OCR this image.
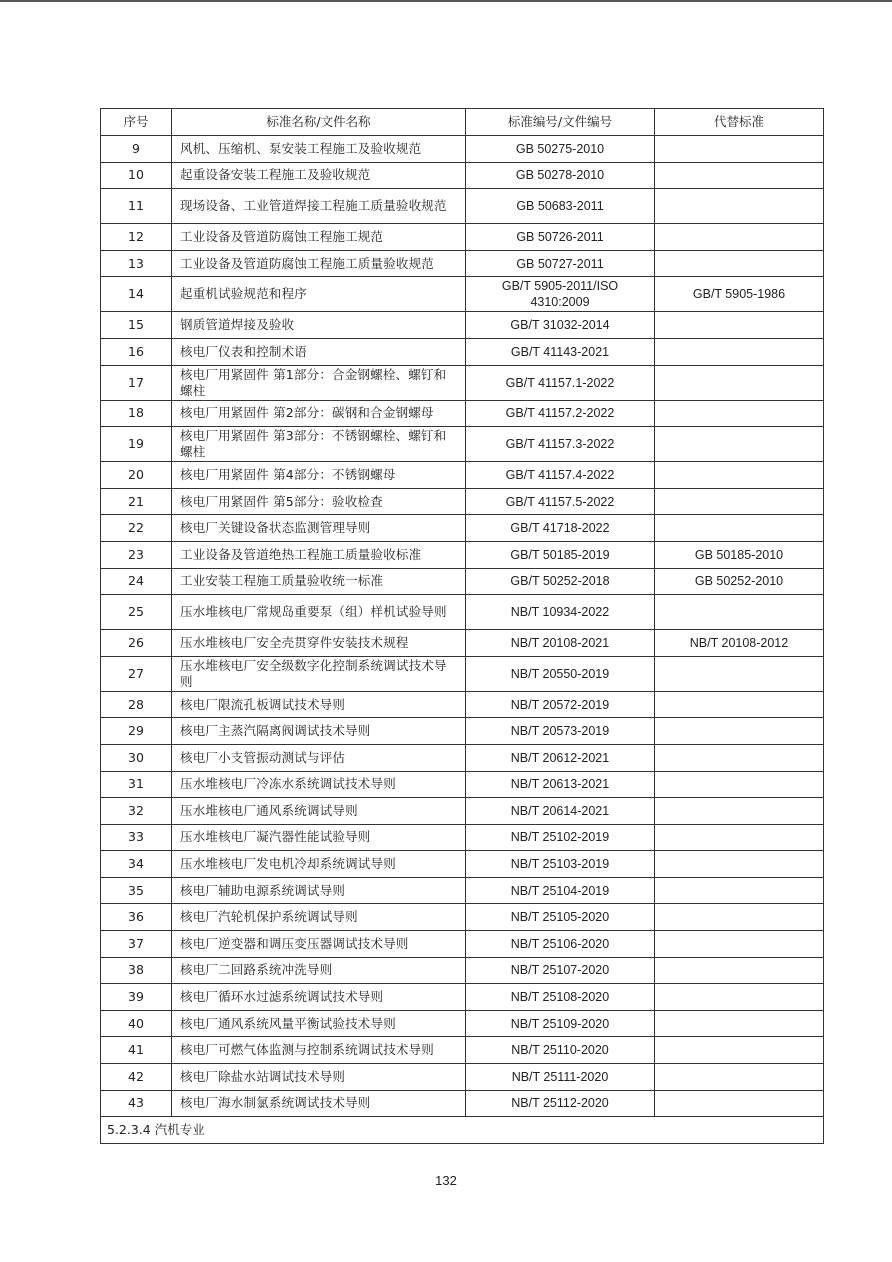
序号	标准名称/文件名称	标准编号/文件编号	代替标准
9	风机、压缩机、泵安装工程施工及验收规范	GB 50275-2010	
10	起重设备安装工程施工及验收规范	GB 50278-2010	
11	现场设备、工业管道焊接工程施工质量验收规范	GB 50683-2011	
12	工业设备及管道防腐蚀工程施工规范	GB 50726-2011	
13	工业设备及管道防腐蚀工程施工质量验收规范	GB 50727-2011	
14	起重机试验规范和程序	GB/T 5905-2011/ISO 4310:2009	GB/T 5905-1986
15	钢质管道焊接及验收	GB/T 31032-2014	
16	核电厂仪表和控制术语	GB/T 41143-2021	
17	核电厂用紧固件 第1部分：合金钢螺栓、螺钉和螺柱	GB/T 41157.1-2022	
18	核电厂用紧固件 第2部分：碳钢和合金钢螺母	GB/T 41157.2-2022	
19	核电厂用紧固件 第3部分：不锈钢螺栓、螺钉和螺柱	GB/T 41157.3-2022	
20	核电厂用紧固件 第4部分：不锈钢螺母	GB/T 41157.4-2022	
21	核电厂用紧固件 第5部分：验收检查	GB/T 41157.5-2022	
22	核电厂关键设备状态监测管理导则	GB/T 41718-2022	
23	工业设备及管道绝热工程施工质量验收标准	GB/T 50185-2019	GB 50185-2010
24	工业安装工程施工质量验收统一标准	GB/T 50252-2018	GB 50252-2010
25	压水堆核电厂常规岛重要泵（组）样机试验导则	NB/T 10934-2022	
26	压水堆核电厂安全壳贯穿件安装技术规程	NB/T 20108-2021	NB/T 20108-2012
27	压水堆核电厂安全级数字化控制系统调试技术导则	NB/T 20550-2019	
28	核电厂限流孔板调试技术导则	NB/T 20572-2019	
29	核电厂主蒸汽隔离阀调试技术导则	NB/T 20573-2019	
30	核电厂小支管振动测试与评估	NB/T 20612-2021	
31	压水堆核电厂冷冻水系统调试技术导则	NB/T 20613-2021	
32	压水堆核电厂通风系统调试导则	NB/T 20614-2021	
33	压水堆核电厂凝汽器性能试验导则	NB/T 25102-2019	
34	压水堆核电厂发电机冷却系统调试导则	NB/T 25103-2019	
35	核电厂辅助电源系统调试导则	NB/T 25104-2019	
36	核电厂汽轮机保护系统调试导则	NB/T 25105-2020	
37	核电厂逆变器和调压变压器调试技术导则	NB/T 25106-2020	
38	核电厂二回路系统冲洗导则	NB/T 25107-2020	
39	核电厂循环水过滤系统调试技术导则	NB/T 25108-2020	
40	核电厂通风系统风量平衡试验技术导则	NB/T 25109-2020	
41	核电厂可燃气体监测与控制系统调试技术导则	NB/T 25110-2020	
42	核电厂除盐水站调试技术导则	NB/T 25111-2020	
43	核电厂海水制氯系统调试技术导则	NB/T 25112-2020	
5.2.3.4 汽机专业			
132
